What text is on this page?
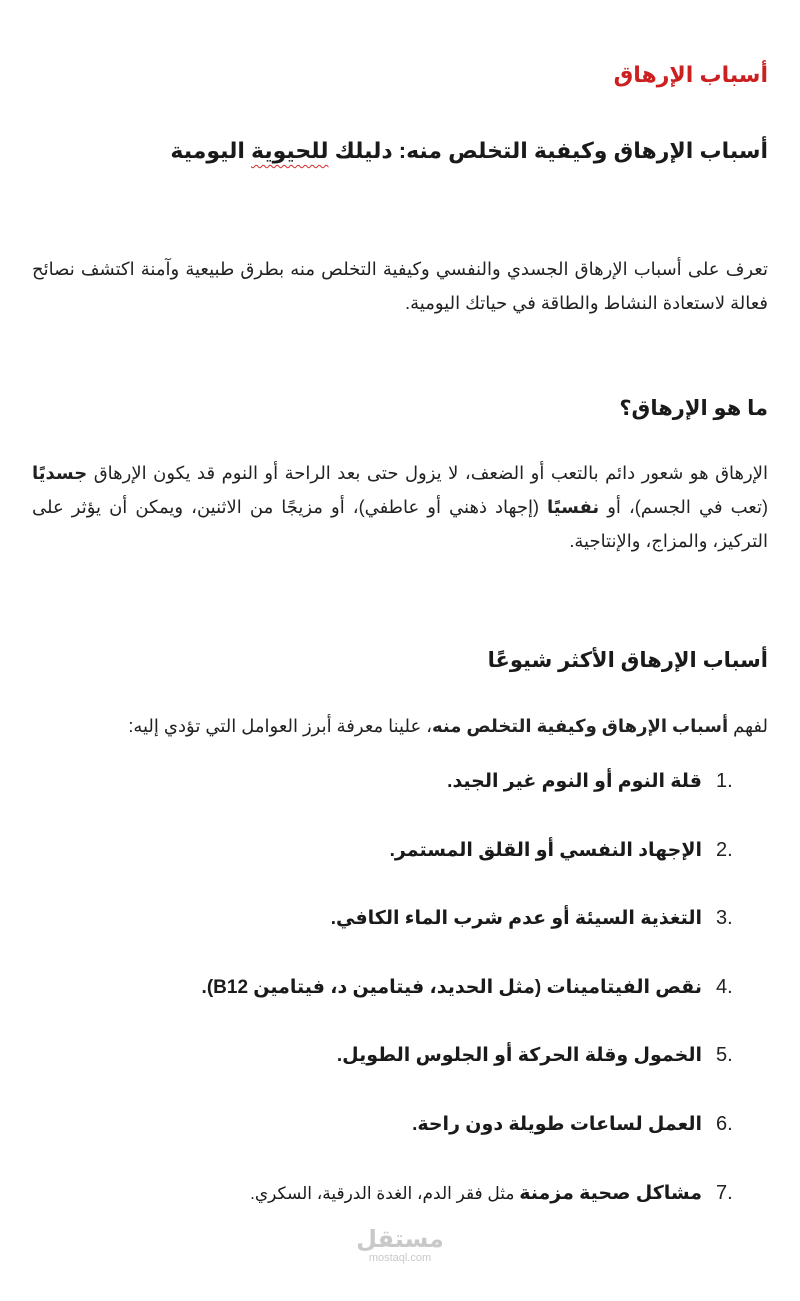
أسباب الإرهاق
أسباب الإرهاق وكيفية التخلص منه: دليلك للحيوية اليومية

تعرف على أسباب الإرهاق الجسدي والنفسي وكيفية التخلص منه بطرق طبيعية وآمنة اكتشف نصائح فعالة لاستعادة النشاط والطاقة في حياتك اليومية.

ما هو الإرهاق؟

الإرهاق هو شعور دائم بالتعب أو الضعف، لا يزول حتى بعد الراحة أو النوم قد يكون الإرهاق جسديًا (تعب في الجسم)، أو نفسيًا (إجهاد ذهني أو عاطفي)، أو مزيجًا من الاثنين، ويمكن أن يؤثر على التركيز، والمزاج، والإنتاجية.

أسباب الإرهاق الأكثر شيوعًا

لفهم أسباب الإرهاق وكيفية التخلص منه، علينا معرفة أبرز العوامل التي تؤدي إليه:

1.
قلة النوم أو النوم غير الجيد.
2.
الإجهاد النفسي أو القلق المستمر.
3.
التغذية السيئة أو عدم شرب الماء الكافي.
4.
نقص الفيتامينات (مثل الحديد، فيتامين د، فيتامين B12).
5.
الخمول وقلة الحركة أو الجلوس الطويل.
6.
العمل لساعات طويلة دون راحة.
7.
مشاكل صحية مزمنة مثل فقر الدم، الغدة الدرقية، السكري.
مستقل
mostaql.com
